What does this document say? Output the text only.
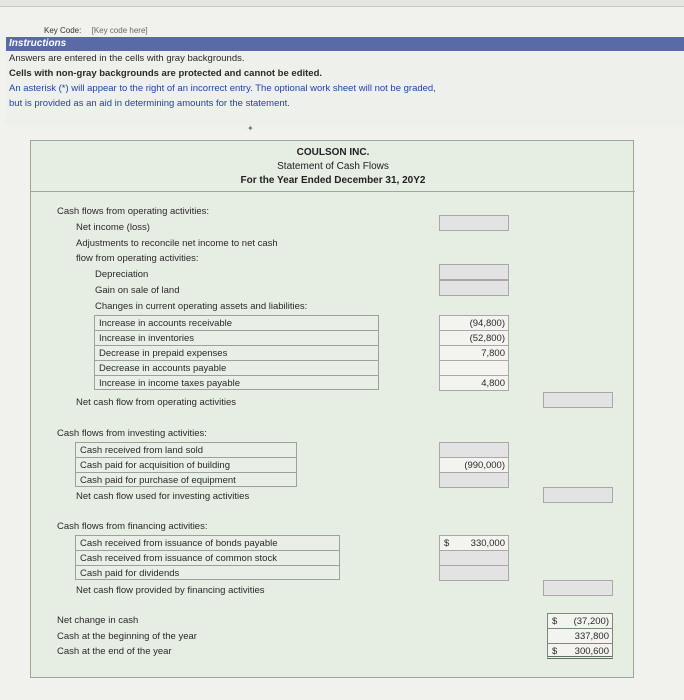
Key Code: [Key code here]
Instructions
Answers are entered in the cells with gray backgrounds.
Cells with non-gray backgrounds are protected and cannot be edited.
An asterisk (*) will appear to the right of an incorrect entry. The optional work sheet will not be graded,
but is provided as an aid in determining amounts for the statement.
✦
COULSON INC.
Statement of Cash Flows
For the Year Ended December 31, 20Y2
Cash flows from operating activities:
Net income (loss)
Adjustments to reconcile net income to net cash
flow from operating activities:
Depreciation
Gain on sale of land
Changes in current operating assets and liabilities:
Increase in accounts receivable
Increase in inventories
Decrease in prepaid expenses
Decrease in accounts payable
Increase in income taxes payable
(94,800)
(52,800)
7,800
4,800
Net cash flow from operating activities
Cash flows from investing activities:
Cash received from land sold
Cash paid for acquisition of building
Cash paid for purchase of equipment
(990,000)
Net cash flow used for investing activities
Cash flows from financing activities:
Cash received from issuance of bonds payable
Cash received from issuance of common stock
Cash paid for dividends
$ 330,000
Net cash flow provided by financing activities
Net change in cash
Cash at the beginning of the year
Cash at the end of the year
$ (37,200)
337,800
$ 300,600
